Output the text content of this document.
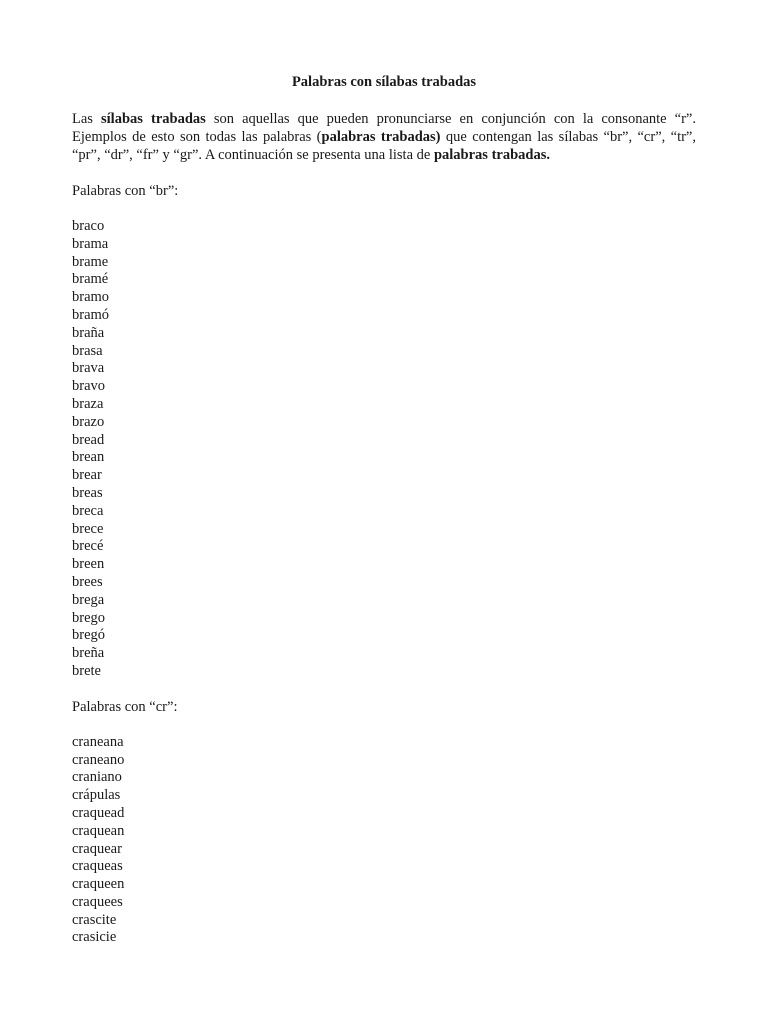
Palabras con sílabas trabadas

Las sílabas trabadas son aquellas que pueden pronunciarse en conjunción con la consonante “r”. Ejemplos de esto son todas las palabras (palabras trabadas) que contengan las sílabas “br”, “cr”, “tr”, “pr”, “dr”, “fr” y “gr”. A continuación se presenta una lista de palabras trabadas.

Palabras con “br”:
braco
brama
brame
bramé
bramo
bramó
braña
brasa
brava
bravo
braza
brazo
bread
brean
brear
breas
breca
brece
brecé
breen
brees
brega
brego
bregó
breña
brete
Palabras con “cr”:
craneana
craneano
craniano
crápulas
craquead
craquean
craquear
craqueas
craqueen
craquees
crascite
crasicie
